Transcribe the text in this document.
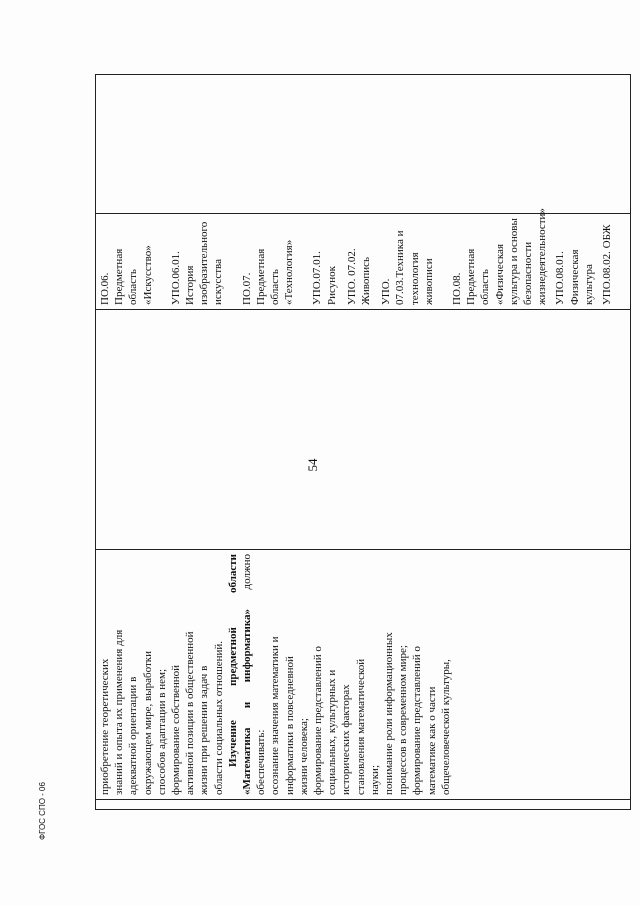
54

приобретение теоретических знаний и опыта их применения для адекватной ориентации в окружающем мире, выработки способов адаптации в нем; формирование собственной активной позиции в общественной жизни при решении задач в области социальных отношений. Изучение предметной области «Математика и информатика» должно обеспечивать: осознание значения математики и информатики в повседневной жизни человека; формирование представлений о социальных, культурных и исторических факторах становления математической науки; понимание роли информационных процессов в современном мире; формирование представлений о математике как о части общечеловеческой культуры,

ПО.06. Предметная область «Искусство» УПО.06.01. История изобразительного искусства ПО.07. Предметная область «Технология» УПО.07.01. Рисунок УПО. 07.02. Живопись УПО. 07.03.Техника и технология живописи ПО.08. Предметная область «Физическая культура и основы безопасности жизнедеятельности» УПО.08.01. Физическая культура УПО.08.02. ОБЖ

ФГОС СПО - 06
